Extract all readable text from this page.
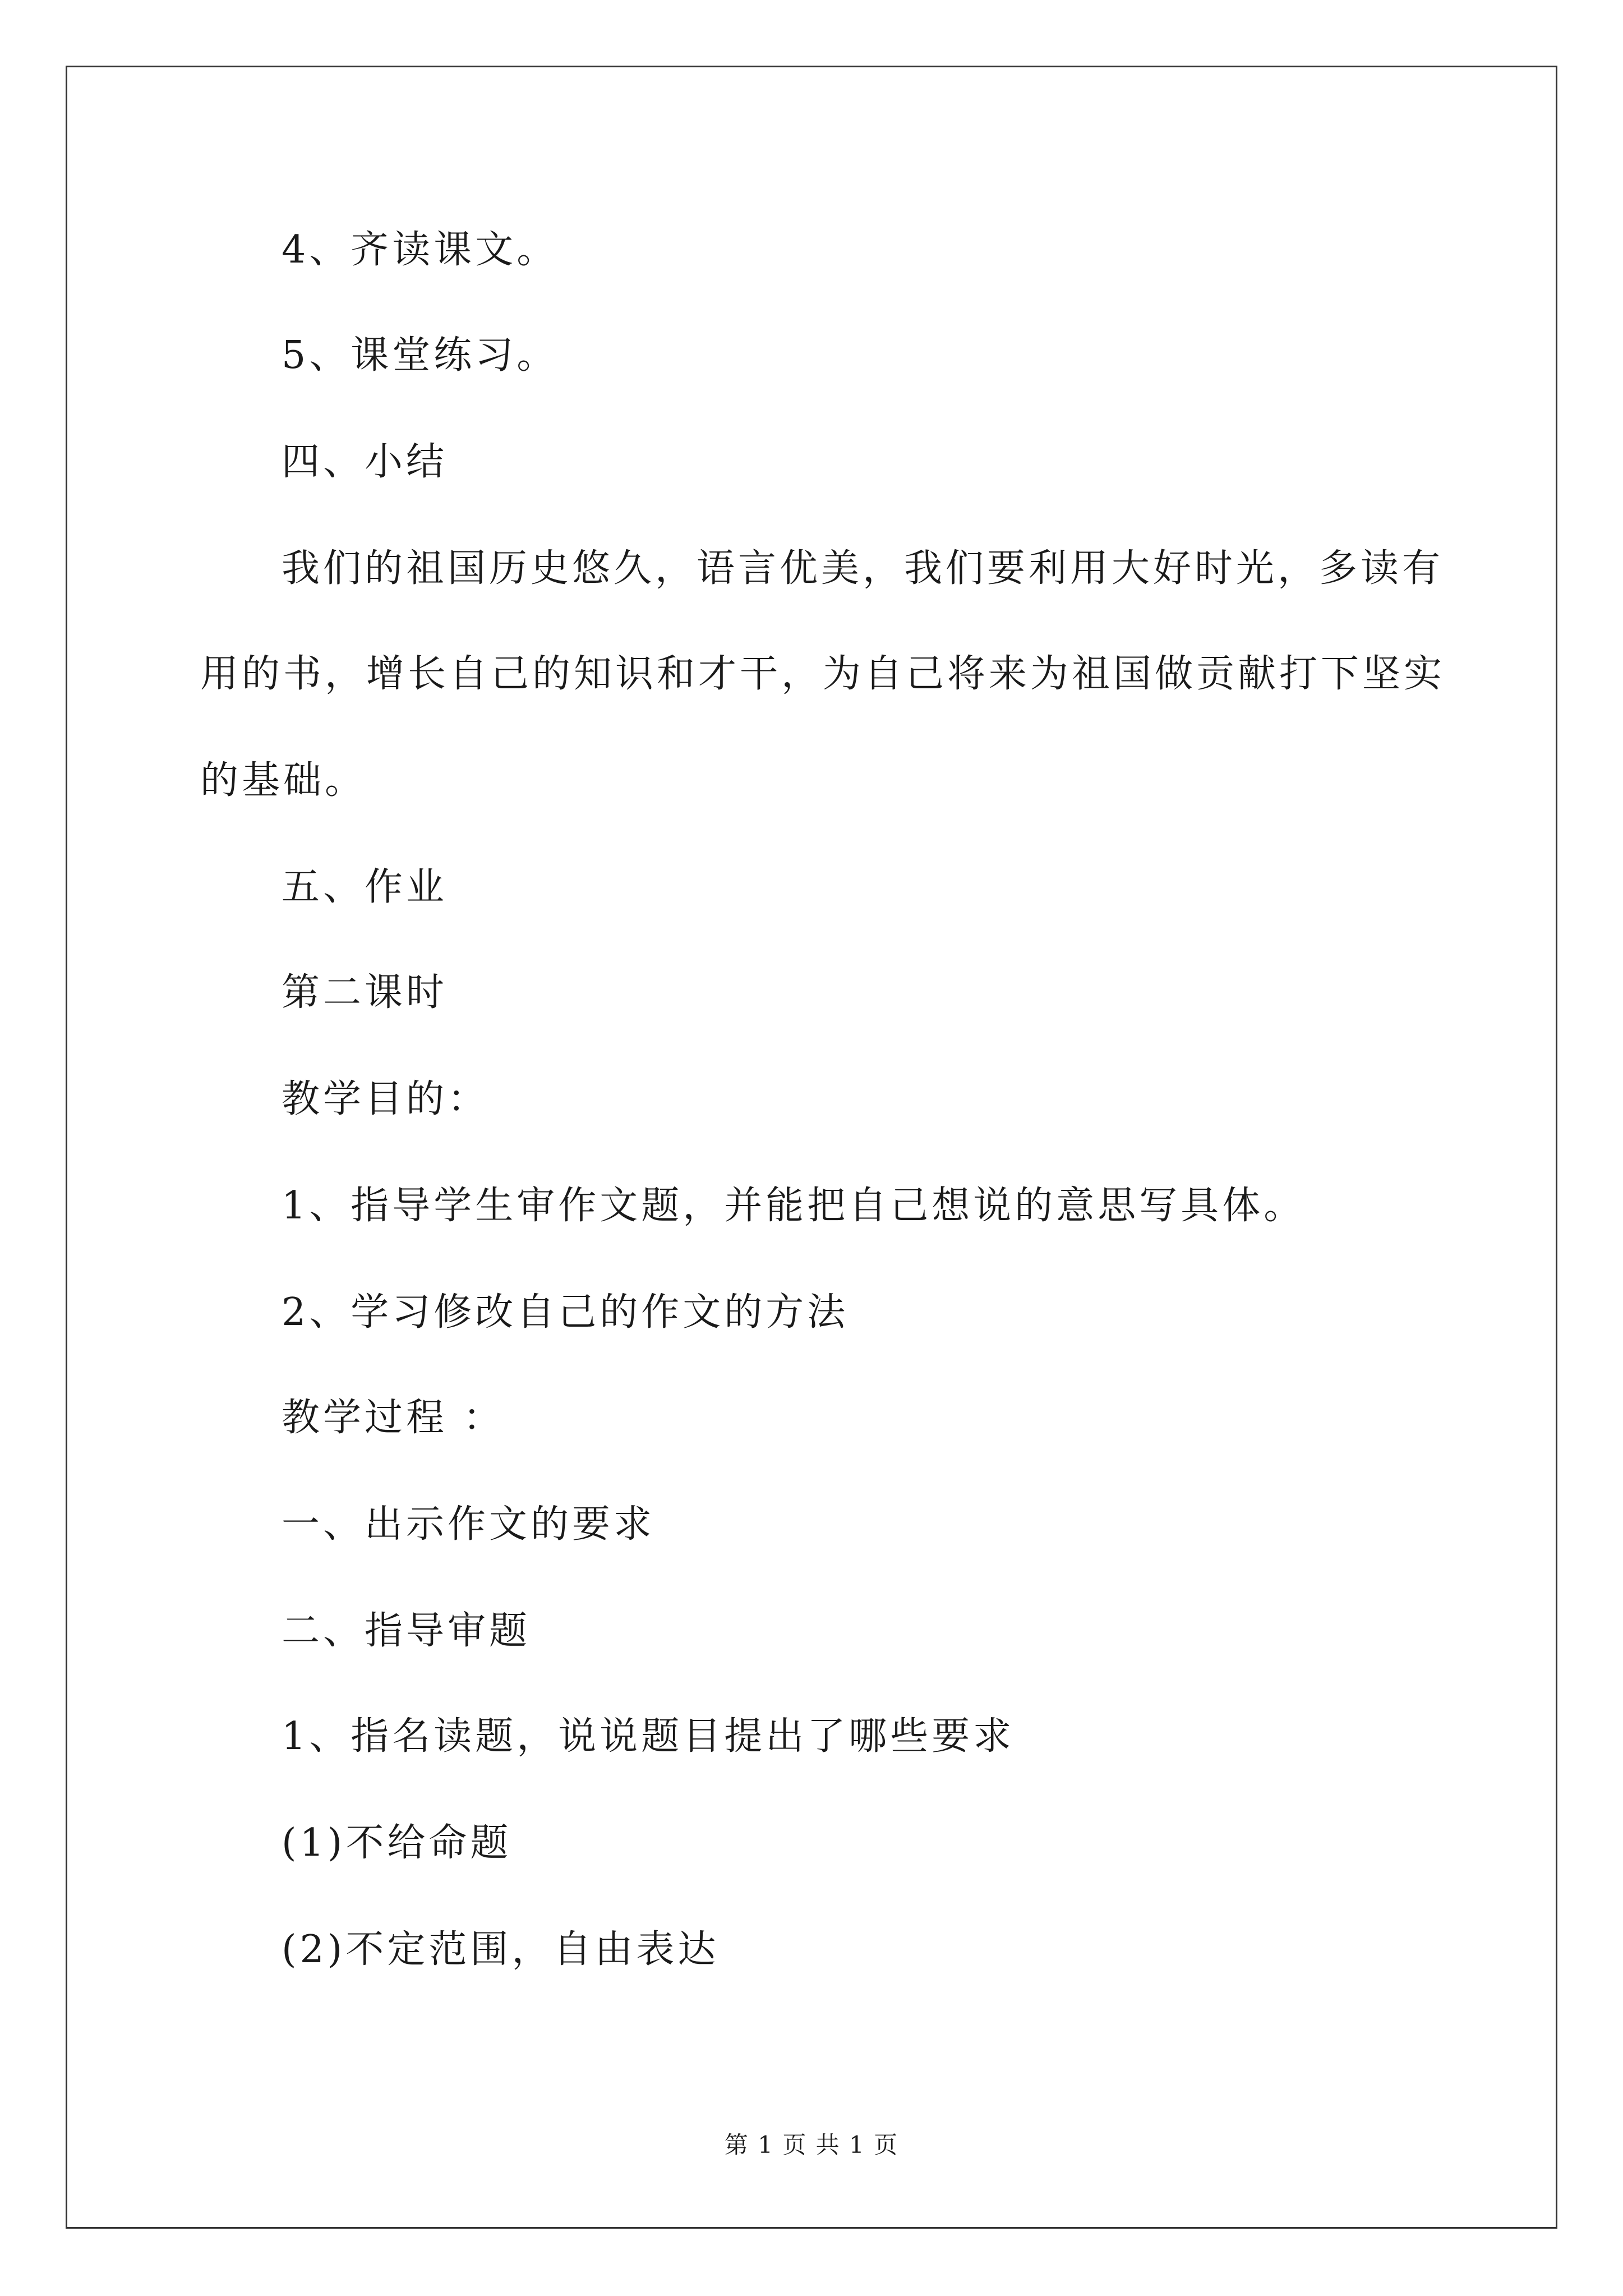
4、齐读课文。
5、课堂练习。
四、小结
我们的祖国历史悠久，语言优美，我们要利用大好时光，多读有
用的书，增长自己的知识和才干，为自己将来为祖国做贡献打下坚实
的基础。
五、作业
第二课时
教学目的：
1、指导学生审作文题，并能把自己想说的意思写具体。
2、学习修改自己的作文的方法
教学过程 ：
一、出示作文的要求
二、指导审题
1、指名读题，说说题目提出了哪些要求
(1)不给命题
(2)不定范围，自由表达
第 1 页 共 1 页
